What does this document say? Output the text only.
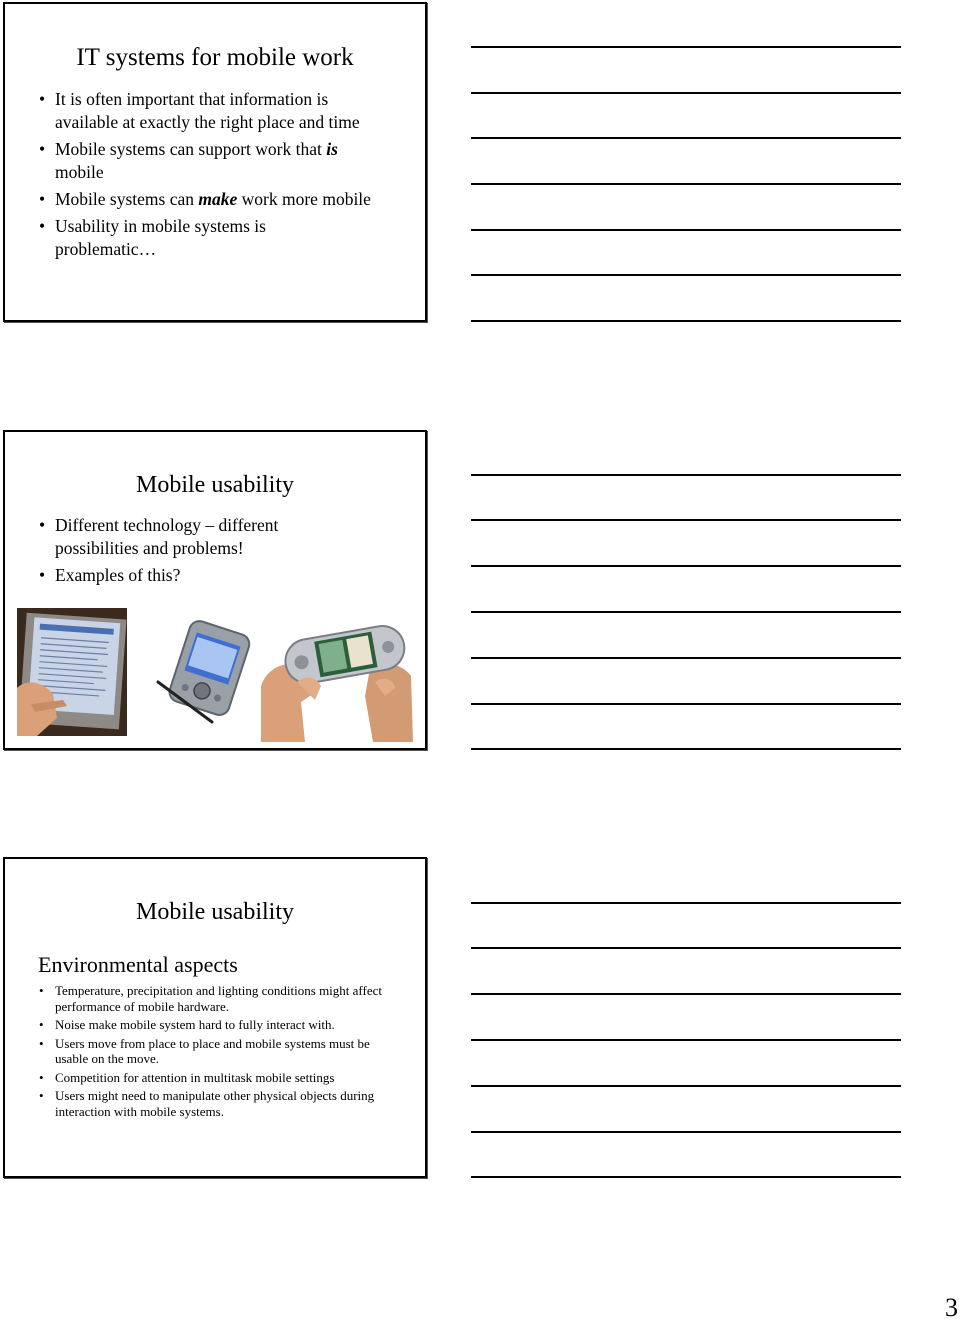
IT systems for mobile work
• It is often important that information is available at exactly the right place and time
• Mobile systems can support work that is mobile
• Mobile systems can make work more mobile
• Usability in mobile systems is problematic…
Mobile usability
• Different technology – different possibilities and problems!
• Examples of this?
Mobile usability
Environmental aspects
• Temperature, precipitation and lighting conditions might affect performance of mobile hardware.
• Noise make mobile system hard to fully interact with.
• Users move from place to place and mobile systems must be usable on the move.
• Competition for attention in multitask mobile settings
• Users might need to manipulate other physical objects during interaction with mobile systems.
3
